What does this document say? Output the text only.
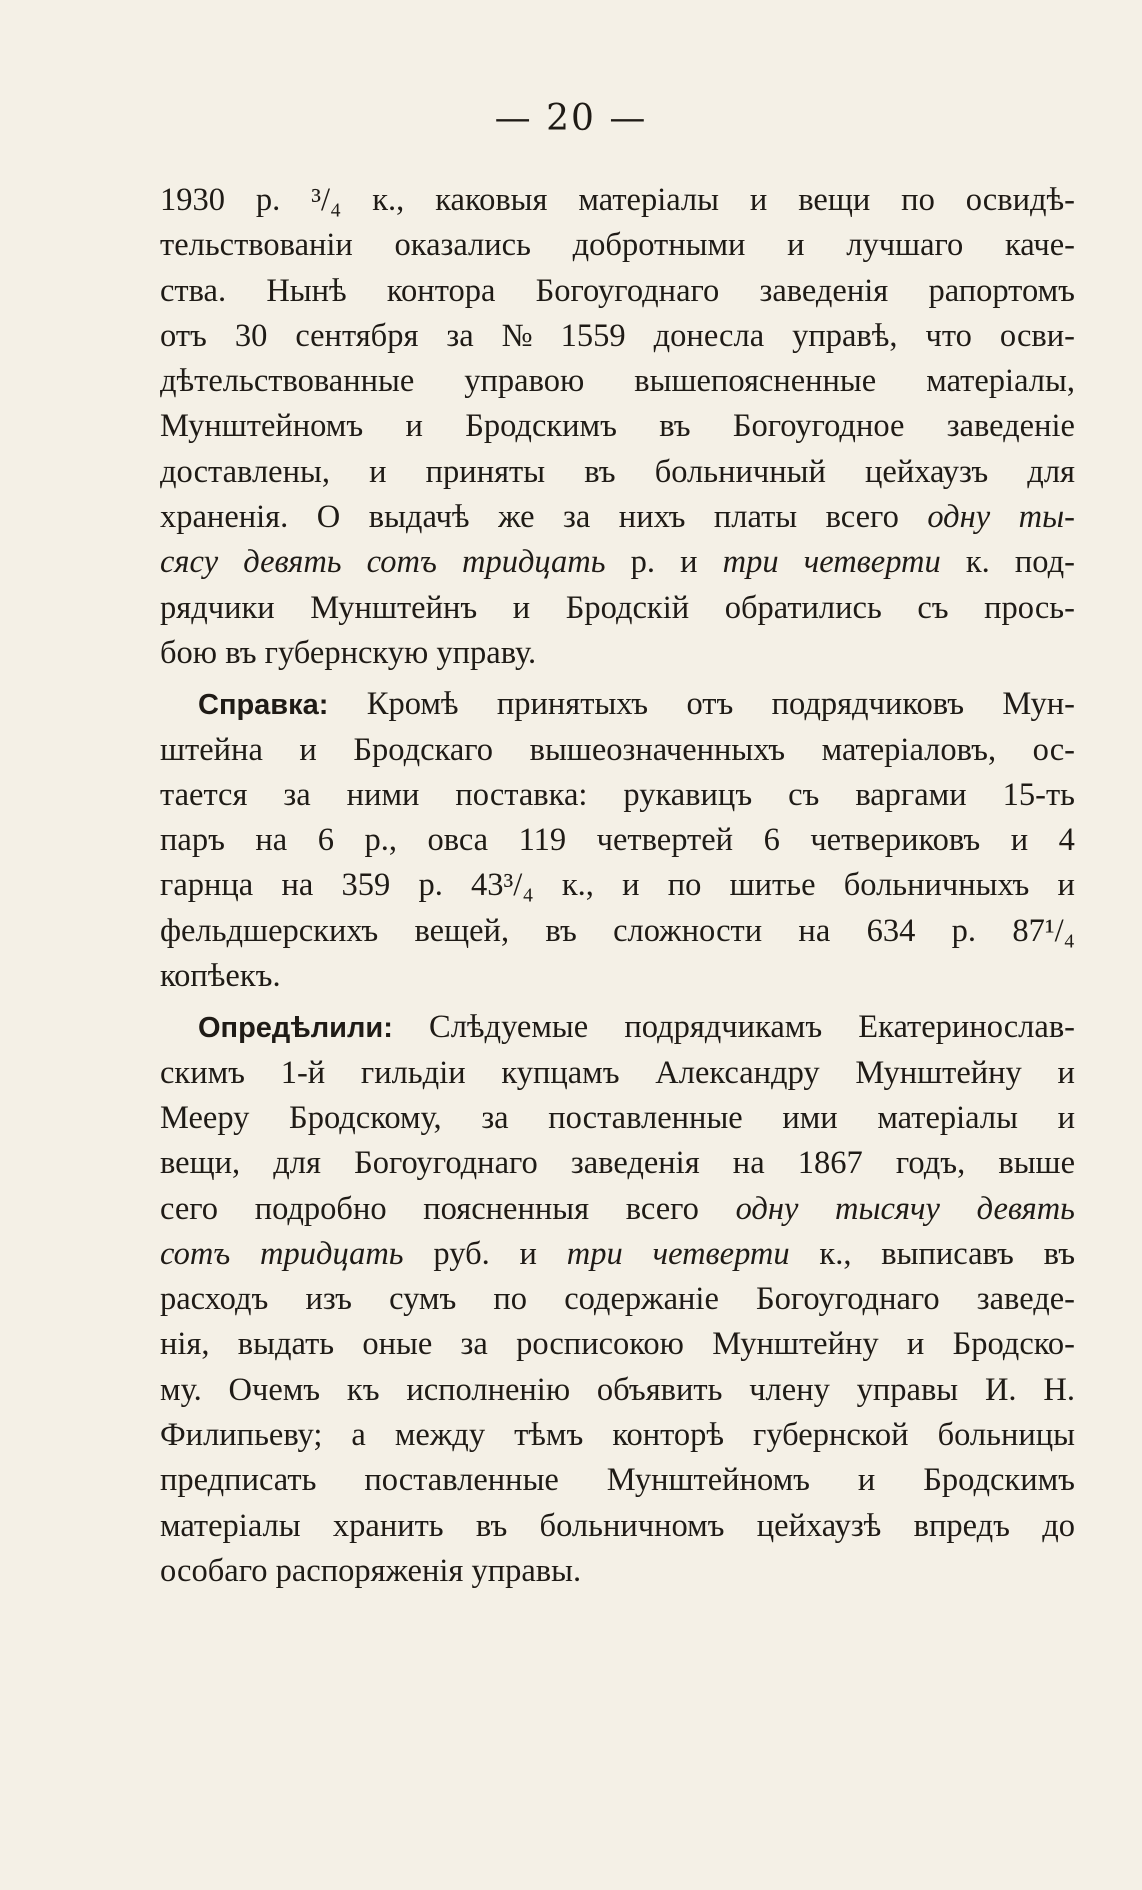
— 20 —
1930 р. ³/₄ к., каковыя матеріалы и вещи по освидѣ-
тельствованіи оказались добротными и лучшаго каче-
ства. Нынѣ контора Богоугоднаго заведенія рапортомъ
отъ 30 сентября за № 1559 донесла управѣ, что осви-
дѣтельствованные управою вышепоясненные матеріалы,
Мунштейномъ и Бродскимъ въ Богоугодное заведеніе
доставлены, и приняты въ больничный цейхаузъ для
храненія. О выдачѣ же за нихъ платы всего одну ты-
сясу девять сотъ тридцать р. и три четверти к. под-
рядчики Мунштейнъ и Бродскій обратились съ прось-
бою въ губернскую управу.
Справка: Кромѣ принятыхъ отъ подрядчиковъ Мун-
штейна и Бродскаго вышеозначенныхъ матеріаловъ, ос-
тается за ними поставка: рукавицъ съ варгами 15-ть
паръ на 6 р., овса 119 четвертей 6 четвериковъ и 4
гарнца на 359 р. 43³/₄ к., и по шитье больничныхъ и
фельдшерскихъ вещей, въ сложности на 634 р. 87¹/₄
копѣекъ.
Опредѣлили: Слѣдуемые подрядчикамъ Екатеринослав-
скимъ 1-й гильдіи купцамъ Александру Мунштейну и
Мееру Бродскому, за поставленные ими матеріалы и
вещи, для Богоугоднаго заведенія на 1867 годъ, выше
сего подробно поясненныя всего одну тысячу девять
сотъ тридцать руб. и три четверти к., выписавъ въ
расходъ изъ сумъ по содержаніе Богоугоднаго заведе-
нія, выдать оные за росписокою Мунштейну и Бродско-
му. Очемъ къ исполненію объявить члену управы И. Н.
Филипьеву; а между тѣмъ конторѣ губернской больницы
предписать поставленные Мунштейномъ и Бродскимъ
матеріалы хранить въ больничномъ цейхаузѣ впредъ до
особаго распоряженія управы.
